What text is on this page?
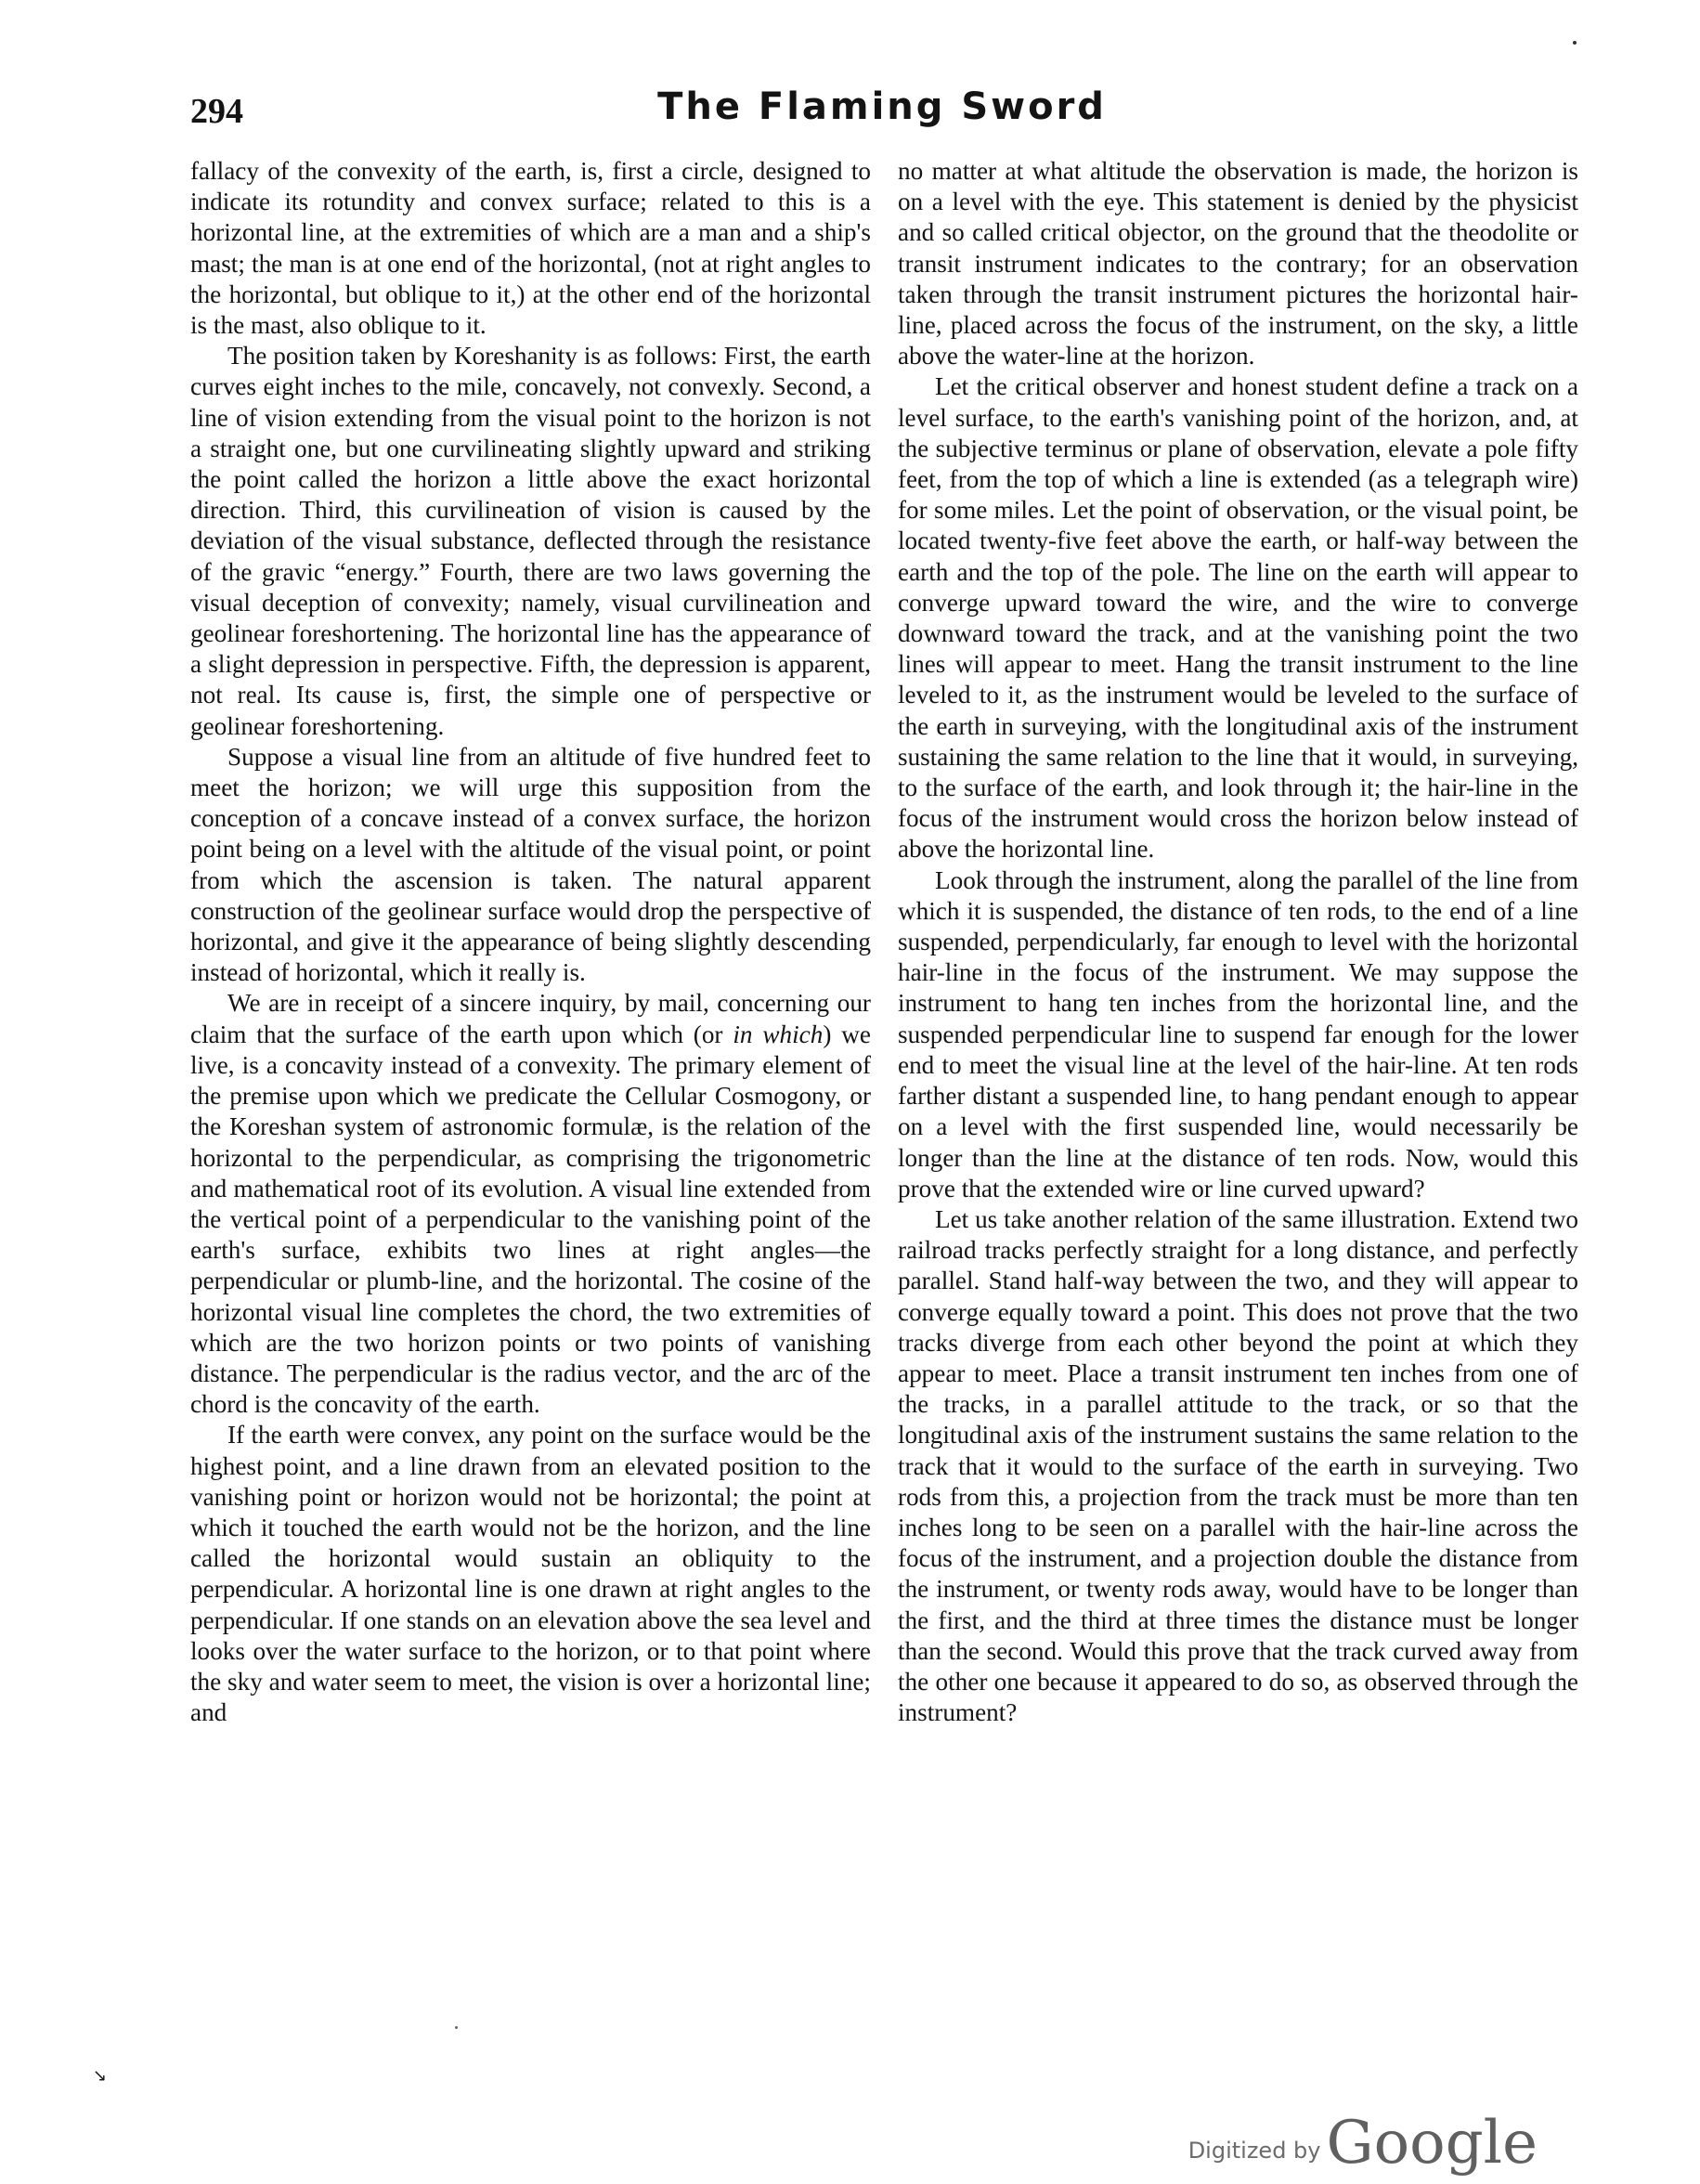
294	The Flaming Sword

fallacy of the convexity of the earth, is, first a circle, designed to indicate its rotundity and convex surface; related to this is a horizontal line, at the extremities of which are a man and a ship's mast; the man is at one end of the horizontal, (not at right angles to the horizontal, but oblique to it,) at the other end of the horizontal is the mast, also oblique to it.

The position taken by Koreshanity is as follows: First, the earth curves eight inches to the mile, concavely, not convexly. Second, a line of vision extending from the visual point to the horizon is not a straight one, but one curvilineating slightly upward and striking the point called the horizon a little above the exact horizontal direction. Third, this curvilineation of vision is caused by the deviation of the visual substance, deflected through the resistance of the gravic “energy.” Fourth, there are two laws governing the visual deception of convexity; namely, visual curvilineation and geolinear foreshortening. The horizontal line has the appearance of a slight depression in perspective. Fifth, the depression is apparent, not real. Its cause is, first, the simple one of perspective or geolinear foreshortening.

Suppose a visual line from an altitude of five hundred feet to meet the horizon; we will urge this supposition from the conception of a concave instead of a convex surface, the horizon point being on a level with the altitude of the visual point, or point from which the ascension is taken. The natural apparent construction of the geolinear surface would drop the perspective of horizontal, and give it the appearance of being slightly descending instead of horizontal, which it really is.

We are in receipt of a sincere inquiry, by mail, concerning our claim that the surface of the earth upon which (or in which) we live, is a concavity instead of a convexity. The primary element of the premise upon which we predicate the Cellular Cosmogony, or the Koreshan system of astronomic formulæ, is the relation of the horizontal to the perpendicular, as comprising the trigonometric and mathematical root of its evolution. A visual line extended from the vertical point of a perpendicular to the vanishing point of the earth's surface, exhibits two lines at right angles—the perpendicular or plumb-line, and the horizontal. The cosine of the horizontal visual line completes the chord, the two extremities of which are the two horizon points or two points of vanishing distance. The perpendicular is the radius vector, and the arc of the chord is the concavity of the earth.

If the earth were convex, any point on the surface would be the highest point, and a line drawn from an elevated position to the vanishing point or horizon would not be horizontal; the point at which it touched the earth would not be the horizon, and the line called the horizontal would sustain an obliquity to the perpendicular. A horizontal line is one drawn at right angles to the perpendicular. If one stands on an elevation above the sea level and looks over the water surface to the horizon, or to that point where the sky and water seem to meet, the vision is over a horizontal line; and

no matter at what altitude the observation is made, the horizon is on a level with the eye. This statement is denied by the physicist and so called critical objector, on the ground that the theodolite or transit instrument indicates to the contrary; for an observation taken through the transit instrument pictures the horizontal hair-line, placed across the focus of the instrument, on the sky, a little above the water-line at the horizon.

Let the critical observer and honest student define a track on a level surface, to the earth's vanishing point of the horizon, and, at the subjective terminus or plane of observation, elevate a pole fifty feet, from the top of which a line is extended (as a telegraph wire) for some miles. Let the point of observation, or the visual point, be located twenty-five feet above the earth, or half-way between the earth and the top of the pole. The line on the earth will appear to converge upward toward the wire, and the wire to converge downward toward the track, and at the vanishing point the two lines will appear to meet. Hang the transit instrument to the line leveled to it, as the instrument would be leveled to the surface of the earth in surveying, with the longitudinal axis of the instrument sustaining the same relation to the line that it would, in surveying, to the surface of the earth, and look through it; the hair-line in the focus of the instrument would cross the horizon below instead of above the horizontal line.

Look through the instrument, along the parallel of the line from which it is suspended, the distance of ten rods, to the end of a line suspended, perpendicularly, far enough to level with the horizontal hair-line in the focus of the instrument. We may suppose the instrument to hang ten inches from the horizontal line, and the suspended perpendicular line to suspend far enough for the lower end to meet the visual line at the level of the hair-line. At ten rods farther distant a suspended line, to hang pendant enough to appear on a level with the first suspended line, would necessarily be longer than the line at the distance of ten rods. Now, would this prove that the extended wire or line curved upward?

Let us take another relation of the same illustration. Extend two railroad tracks perfectly straight for a long distance, and perfectly parallel. Stand half-way between the two, and they will appear to converge equally toward a point. This does not prove that the two tracks diverge from each other beyond the point at which they appear to meet. Place a transit instrument ten inches from one of the tracks, in a parallel attitude to the track, or so that the longitudinal axis of the instrument sustains the same relation to the track that it would to the surface of the earth in surveying. Two rods from this, a projection from the track must be more than ten inches long to be seen on a parallel with the hair-line across the focus of the instrument, and a projection double the distance from the instrument, or twenty rods away, would have to be longer than the first, and the third at three times the distance must be longer than the second. Would this prove that the track curved away from the other one because it appeared to do so, as observed through the instrument?

↘
Digitized by Google
